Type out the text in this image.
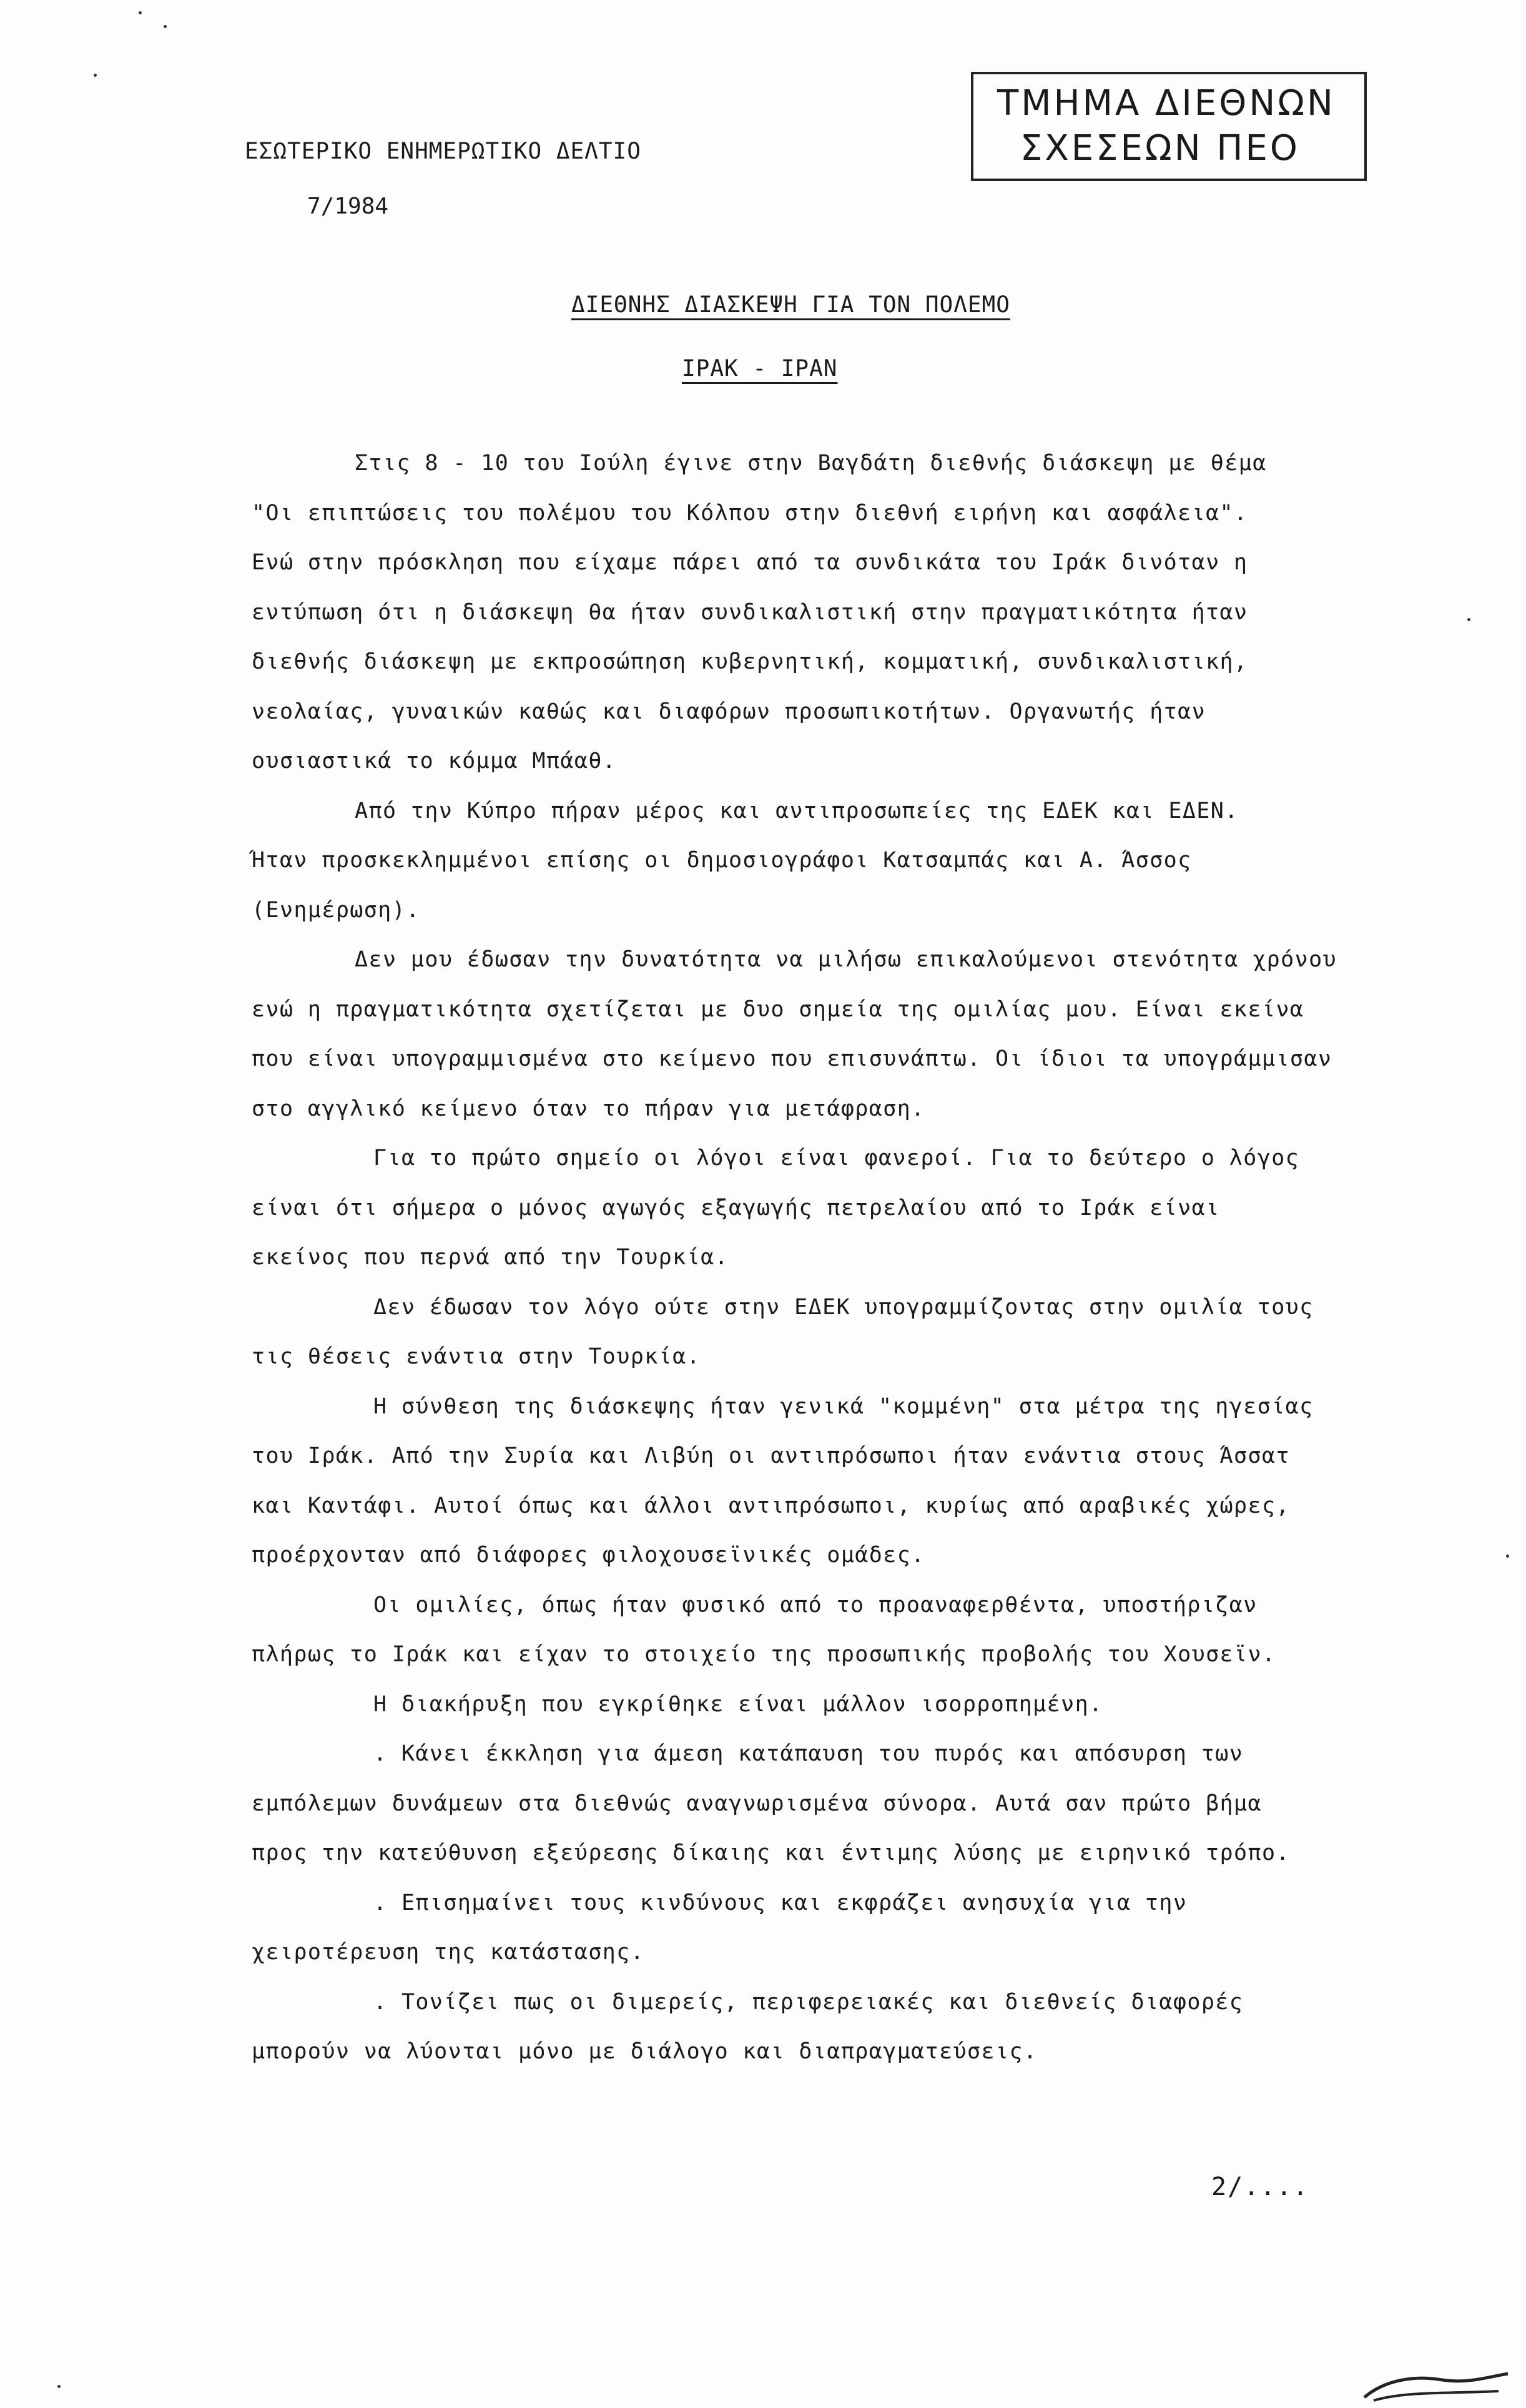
ΕΣΩΤΕΡΙΚΟ ΕΝΗΜΕΡΩΤΙΚΟ ΔΕΛΤΙΟ
7/1984
ΤΜΗΜΑ ΔΙΕΘΝΩΝ
ΣΧΕΣΕΩΝ ΠΕΟ
ΔΙΕΘΝΗΣ ΔΙΑΣΚΕΨΗ ΓΙΑ ΤΟΝ ΠΟΛΕΜΟ
ΙΡΑΚ - ΙΡΑΝ
Στις 8 - 10 του Ιούλη έγινε στην Βαγδάτη διεθνής διάσκεψη με θέμα
"Οι επιπτώσεις του πολέμου του Κόλπου στην διεθνή ειρήνη και ασφάλεια".
Ενώ στην πρόσκληση που είχαμε πάρει από τα συνδικάτα του Ιράκ δινόταν η
εντύπωση ότι η διάσκεψη θα ήταν συνδικαλιστική στην πραγματικότητα ήταν
διεθνής διάσκεψη με εκπροσώπηση κυβερνητική, κομματική, συνδικαλιστική,
νεολαίας, γυναικών καθώς και διαφόρων προσωπικοτήτων. Οργανωτής ήταν
ουσιαστικά το κόμμα Μπάαθ.
Από την Κύπρο πήραν μέρος και αντιπροσωπείες της ΕΔΕΚ και ΕΔΕΝ.
Ήταν προσκεκλημμένοι επίσης οι δημοσιογράφοι Κατσαμπάς και Α. Άσσος
(Ενημέρωση).
Δεν μου έδωσαν την δυνατότητα να μιλήσω επικαλούμενοι στενότητα χρόνου
ενώ η πραγματικότητα σχετίζεται με δυο σημεία της ομιλίας μου. Είναι εκείνα
που είναι υπογραμμισμένα στο κείμενο που επισυνάπτω. Οι ίδιοι τα υπογράμμισαν
στο αγγλικό κείμενο όταν το πήραν για μετάφραση.
Για το πρώτο σημείο οι λόγοι είναι φανεροί. Για το δεύτερο ο λόγος
είναι ότι σήμερα ο μόνος αγωγός εξαγωγής πετρελαίου από το Ιράκ είναι
εκείνος που περνά από την Τουρκία.
Δεν έδωσαν τον λόγο ούτε στην ΕΔΕΚ υπογραμμίζοντας στην ομιλία τους
τις θέσεις ενάντια στην Τουρκία.
Η σύνθεση της διάσκεψης ήταν γενικά "κομμένη" στα μέτρα της ηγεσίας
του Ιράκ. Από την Συρία και Λιβύη οι αντιπρόσωποι ήταν ενάντια στους Άσσατ
και Καντάφι. Αυτοί όπως και άλλοι αντιπρόσωποι, κυρίως από αραβικές χώρες,
προέρχονταν από διάφορες φιλοχουσεϊνικές ομάδες.
Οι ομιλίες, όπως ήταν φυσικό από το προαναφερθέντα, υποστήριζαν
πλήρως το Ιράκ και είχαν το στοιχείο της προσωπικής προβολής του Χουσεϊν.
Η διακήρυξη που εγκρίθηκε είναι μάλλον ισορροπημένη.
. Κάνει έκκληση για άμεση κατάπαυση του πυρός και απόσυρση των
εμπόλεμων δυνάμεων στα διεθνώς αναγνωρισμένα σύνορα. Αυτά σαν πρώτο βήμα
προς την κατεύθυνση εξεύρεσης δίκαιης και έντιμης λύσης με ειρηνικό τρόπο.
. Επισημαίνει τους κινδύνους και εκφράζει ανησυχία για την
χειροτέρευση της κατάστασης.
. Τονίζει πως οι διμερείς, περιφερειακές και διεθνείς διαφορές
μπορούν να λύονται μόνο με διάλογο και διαπραγματεύσεις.
2/....
